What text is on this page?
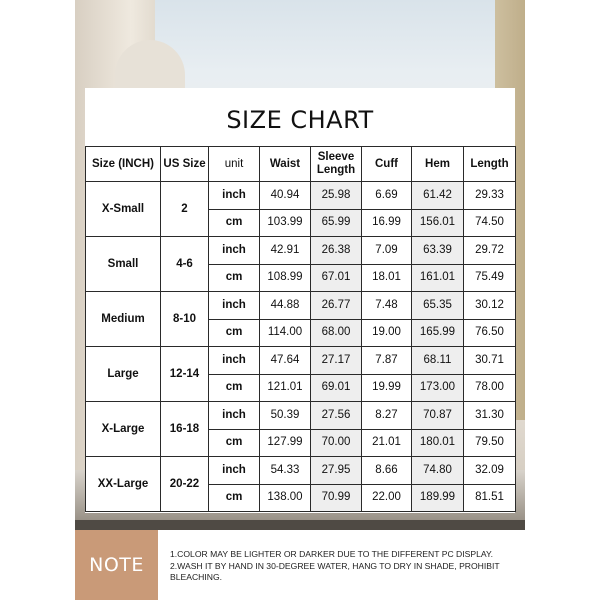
SIZE CHART
Size (INCH)	US Size	unit	Waist	Sleeve Length	Cuff	Hem	Length
X-Small	2	inch	40.94	25.98	6.69	61.42	29.33
		cm	103.99	65.99	16.99	156.01	74.50
Small	4-6	inch	42.91	26.38	7.09	63.39	29.72
		cm	108.99	67.01	18.01	161.01	75.49
Medium	8-10	inch	44.88	26.77	7.48	65.35	30.12
		cm	114.00	68.00	19.00	165.99	76.50
Large	12-14	inch	47.64	27.17	7.87	68.11	30.71
		cm	121.01	69.01	19.99	173.00	78.00
X-Large	16-18	inch	50.39	27.56	8.27	70.87	31.30
		cm	127.99	70.00	21.01	180.01	79.50
XX-Large	20-22	inch	54.33	27.95	8.66	74.80	32.09
		cm	138.00	70.99	22.00	189.99	81.51
NOTE	1.COLOR MAY BE LIGHTER OR DARKER DUE TO THE DIFFERENT PC DISPLAY.
2.WASH IT BY HAND IN 30-DEGREE WATER, HANG TO DRY IN SHADE, PROHIBIT BLEACHING.
